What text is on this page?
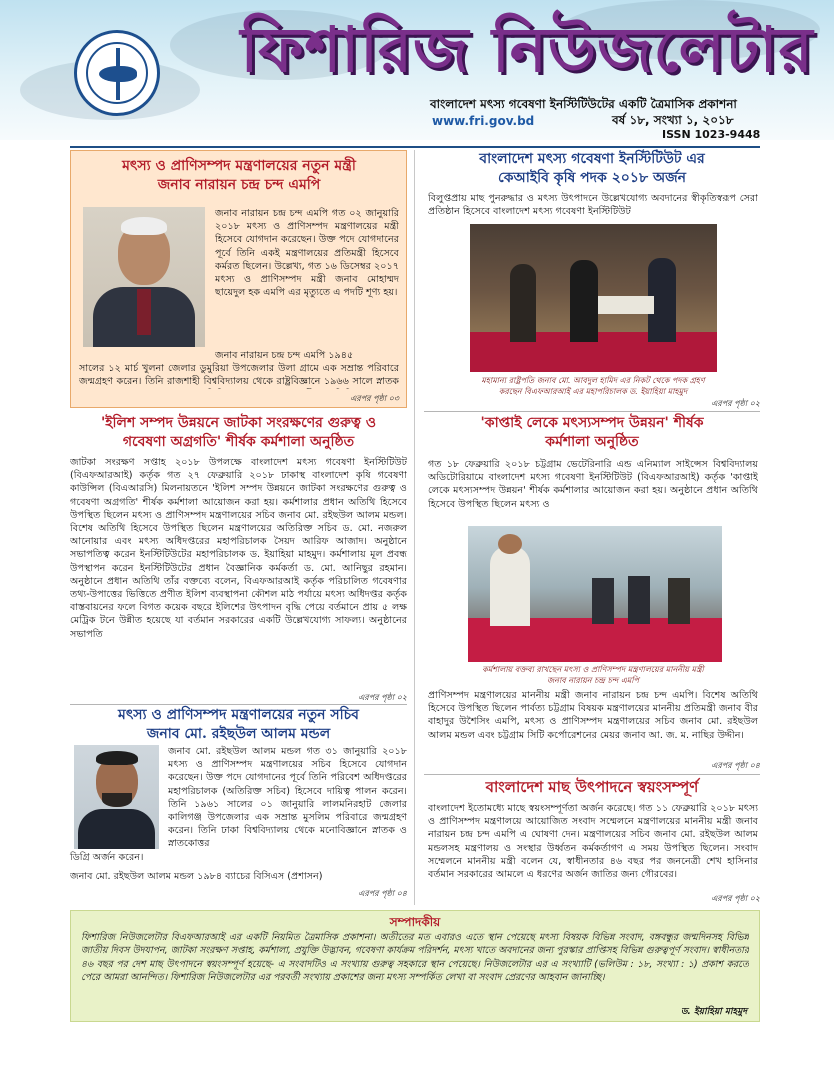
ফিশারিজ নিউজলেটার
বাংলাদেশ মৎস্য গবেষণা ইনস্টিটিউটের একটি ত্রৈমাসিক প্রকাশনা
www.fri.gov.bd	বর্ষ ১৮, সংখ্যা ১, ২০১৮
ISSN 1023-9448
মৎস্য ও প্রাণিসম্পদ মন্ত্রণালয়ের নতুন মন্ত্রী
জনাব নারায়ন চন্দ্র চন্দ এমপি
জনাব নারায়ন চন্দ্র চন্দ এমপি গত ০২ জানুয়ারি ২০১৮ মৎস্য ও প্রাণিসম্পদ মন্ত্রণালয়ের মন্ত্রী হিসেবে যোগদান করেছেন। উক্ত পদে যোগদানের পূর্বে তিনি একই মন্ত্রণালয়ের প্রতিমন্ত্রী হিসেবে কর্মরত ছিলেন। উল্লেখ্য, গত ১৬ ডিসেম্বর ২০১৭ মৎস্য ও প্রাণিসম্পদ মন্ত্রী জনাব মোহাম্মদ ছায়েদুল হক এমপি এর মৃত্যুতে এ পদটি শূণ্য হয়।
জনাব নারায়ন চন্দ্র চন্দ এমপি ১৯৪৫
সালের ১২ মার্চ খুলনা জেলার ডুমুরিয়া উপজেলার উলা গ্রামে এক সম্রান্ত পরিবারে জন্মগ্রহণ করেন। তিনি রাজশাহী বিশ্ববিদ্যালয় থেকে রাষ্ট্রবিজ্ঞানে ১৯৬৬ সালে স্নাতক
এরপর পৃষ্ঠা ০৩
'ইলিশ সম্পদ উন্নয়নে জাটকা সংরক্ষণের গুরুত্ব ও
গবেষণা অগ্রগতি' শীর্ষক কর্মশালা অনুষ্ঠিত
জাটকা সংরক্ষণ সপ্তাহ ২০১৮ উপলক্ষে বাংলাদেশ মৎস্য গবেষণা ইনস্টিটিউট (বিএফআরআই) কর্তৃক গত ২৭ ফেব্রুয়ারি ২০১৮ ঢাকাস্থ বাংলাদেশ কৃষি গবেষণা কাউন্সিল (বিএআরসি) মিলনায়তনে 'ইলিশ সম্পদ উন্নয়নে জাটকা সংরক্ষণের গুরুত্ব ও গবেষণা অগ্রগতি' শীর্ষক কর্মশালা আয়োজন করা হয়। কর্মশালার প্রধান অতিথি হিসেবে উপস্থিত ছিলেন মৎস্য ও প্রাণিসম্পদ মন্ত্রণালয়ের সচিব জনাব মো. রইছউল আলম মন্ডল। বিশেষ অতিথি হিসেবে উপস্থিত ছিলেন মন্ত্রণালয়ের অতিরিক্ত সচিব ড. মো. নজরুল আনোয়ার এবং মৎস্য অধিদপ্তরের মহাপরিচালক সৈয়দ আরিফ আজাদ। অনুষ্ঠানে সভাপতিত্ব করেন ইনস্টিটিউটের মহাপরিচালক ড. ইয়াহিয়া মাহমুদ। কর্মশালায় মূল প্রবন্ধ উপস্থাপন করেন ইনস্টিটিউটের প্রধান বৈজ্ঞানিক কর্মকর্তা ড. মো. আনিছুর রহমান। অনুষ্ঠানে প্রধান অতিথি তাঁর বক্তব্যে বলেন, বিএফআরআই কর্তৃক পরিচালিত গবেষণার তথ্য-উপাত্তের ভিত্তিতে প্রণীত ইলিশ ব্যবস্থাপনা কৌশল মাঠ পর্যায়ে মৎস্য অধিদপ্তর কর্তৃক বাস্তবায়নের ফলে বিগত কয়েক বছরে ইলিশের উৎপাদন বৃদ্ধি পেয়ে বর্তমানে প্রায় ৫ লক্ষ মেট্রিক টনে উন্নীত হয়েছে যা বর্তমান সরকারের একটি উল্লেখযোগ্য সাফল্য। অনুষ্ঠানের সভাপতি
এরপর পৃষ্ঠা ০২
মৎস্য ও প্রাণিসম্পদ মন্ত্রণালয়ের নতুন সচিব
জনাব মো. রইছউল আলম মন্ডল
জনাব মো. রইছউল আলম মন্ডল গত ৩১ জানুয়ারি ২০১৮ মৎস্য ও প্রাণিসম্পদ মন্ত্রণালয়ের সচিব হিসেবে যোগদান করেছেন। উক্ত পদে যোগদানের পূর্বে তিনি পরিবেশ অধিদপ্তরের মহাপরিচালক (অতিরিক্ত সচিব) হিসেবে দায়িত্ব পালন করেন। তিনি ১৯৬১ সালের ০১ জানুয়ারি লালমনিরহাট জেলার কালিগঞ্জ উপজেলার এক সম্রান্ত মুসলিম পরিবারে জন্মগ্রহণ করেন। তিনি ঢাকা বিশ্ববিদ্যালয় থেকে মনোবিজ্ঞানে স্নাতক ও স্নাতকোত্তর
ডিগ্রি অর্জন করেন।
জনাব মো. রইছউল আলম মন্ডল ১৯৮৪ ব্যাচের বিসিএস (প্রশাসন)
এরপর পৃষ্ঠা ০৪
বাংলাদেশ মৎস্য গবেষণা ইনস্টিটিউট এর
কেআইবি কৃষি পদক ২০১৮ অর্জন
বিলুপ্তপ্রায় মাছ পুনরুদ্ধার ও মৎস্য উৎপাদনে উল্লেখযোগ্য অবদানের স্বীকৃতিস্বরূপ সেরা প্রতিষ্ঠান হিসেবে বাংলাদেশ মৎস্য গবেষণা ইনস্টিটিউট
মহামান্য রাষ্ট্রপতি জনাব মো. আবদুল হামিদ এর নিকট থেকে পদক গ্রহণ
করছেন বিএফআরআই এর মহাপরিচালক ড. ইয়াহিয়া মাহমুদ
এরপর পৃষ্ঠা ০২
'কাপ্তাই লেকে মৎস্যসম্পদ উন্নয়ন' শীর্ষক
কর্মশালা অনুষ্ঠিত
গত ১৮ ফেব্রুয়ারি ২০১৮ চট্টগ্রাম ভেটেরিনারি এন্ড এনিম্যাল সাইন্সেস বিশ্ববিদ্যালয় অডিটোরিয়ামে বাংলাদেশ মৎস্য গবেষণা ইনস্টিটিউট (বিএফআরআই) কর্তৃক 'কাপ্তাই লেকে মৎস্যসম্পদ উন্নয়ন' শীর্ষক কর্মশালার আয়োজন করা হয়। অনুষ্ঠানে প্রধান অতিথি হিসেবে উপস্থিত ছিলেন মৎস্য ও
কর্মশালায় বক্তব্য রাখছেন মৎস্য ও প্রাণিসম্পদ মন্ত্রণালয়ের মাননীয় মন্ত্রী
জনাব নারায়ন চন্দ্র চন্দ এমপি
প্রাণিসম্পদ মন্ত্রণালয়ের মাননীয় মন্ত্রী জনাব নারায়ন চন্দ্র চন্দ এমপি। বিশেষ অতিথি হিসেবে উপস্থিত ছিলেন পার্বত্য চট্টগ্রাম বিষয়ক মন্ত্রণালয়ের মাননীয় প্রতিমন্ত্রী জনাব বীর বাহাদুর উশৈসিং এমপি, মৎস্য ও প্রাণিসম্পদ মন্ত্রণালয়ের সচিব জনাব মো. রইছউল আলম মন্ডল এবং চট্টগ্রাম সিটি কর্পোরেশনের মেয়র জনাব আ. জ. ম. নাছির উদ্দীন।
এরপর পৃষ্ঠা ০৪
বাংলাদেশ মাছ উৎপাদনে স্বয়ংসম্পূর্ণ
বাংলাদেশ ইতোমধ্যে মাছে স্বয়ংসম্পূর্ণতা অর্জন করেছে। গত ১১ ফেব্রুয়ারি ২০১৮ মৎস্য ও প্রাণিসম্পদ মন্ত্রণালয়ে আয়োজিত সংবাদ সম্মেলনে মন্ত্রণালয়ের মাননীয় মন্ত্রী জনাব নারায়ন চন্দ্র চন্দ এমপি এ ঘোষণা দেন। মন্ত্রণালয়ের সচিব জনাব মো. রইছউল আলম মন্ডলসহ মন্ত্রণালয় ও সংস্থার উর্ধ্বতন কর্মকর্তাগণ এ সময় উপস্থিত ছিলেন। সংবাদ সম্মেলনে মাননীয় মন্ত্রী বলেন যে, স্বাধীনতার ৪৬ বছর পর জননেত্রী শেখ হাসিনার বর্তমান সরকারের আমলে এ ধরণের অর্জন জাতির জন্য গৌরবের।
এরপর পৃষ্ঠা ০২
সম্পাদকীয়
ফিশারিজ নিউজলেটার বিএফআরআই এর একটি নিয়মিত ত্রৈমাসিক প্রকাশনা। অতীতের মত এবারও এতে স্থান পেয়েছে মৎস্য বিষয়ক বিভিন্ন সংবাদ, বঙ্গবন্ধুর জন্মদিনসহ বিভিন্ন জাতীয় দিবস উদযাপন, জাটকা সংরক্ষণ সপ্তাহ, কর্মশালা, প্রযুক্তি উদ্ভাবন, গবেষণা কার্যক্রম পরিদর্শন, মৎস্য খাতে অবদানের জন্য পুরস্কার প্রাপ্তিসহ বিভিন্ন গুরুত্বপূর্ণ সংবাদ। স্বাধীনতার ৪৬ বছর পর দেশ মাছ উৎপাদনে স্বয়ংসম্পূর্ণ হয়েছে- এ সংবাদটিও এ সংখ্যায় গুরুত্ব সহকারে স্থান পেয়েছে। নিউজলেটার এর এ সংখ্যাটি (ভলিউম : ১৮, সংখ্যা : ১) প্রকাশ করতে পেরে আমরা আনন্দিত। ফিশারিজ নিউজলেটার এর পরবর্তী সংখ্যায় প্রকাশের জন্য মৎস্য সম্পর্কিত লেখা বা সংবাদ প্রেরণের আহবান জানাচ্ছি।
ড. ইয়াহিয়া মাহমুদ
